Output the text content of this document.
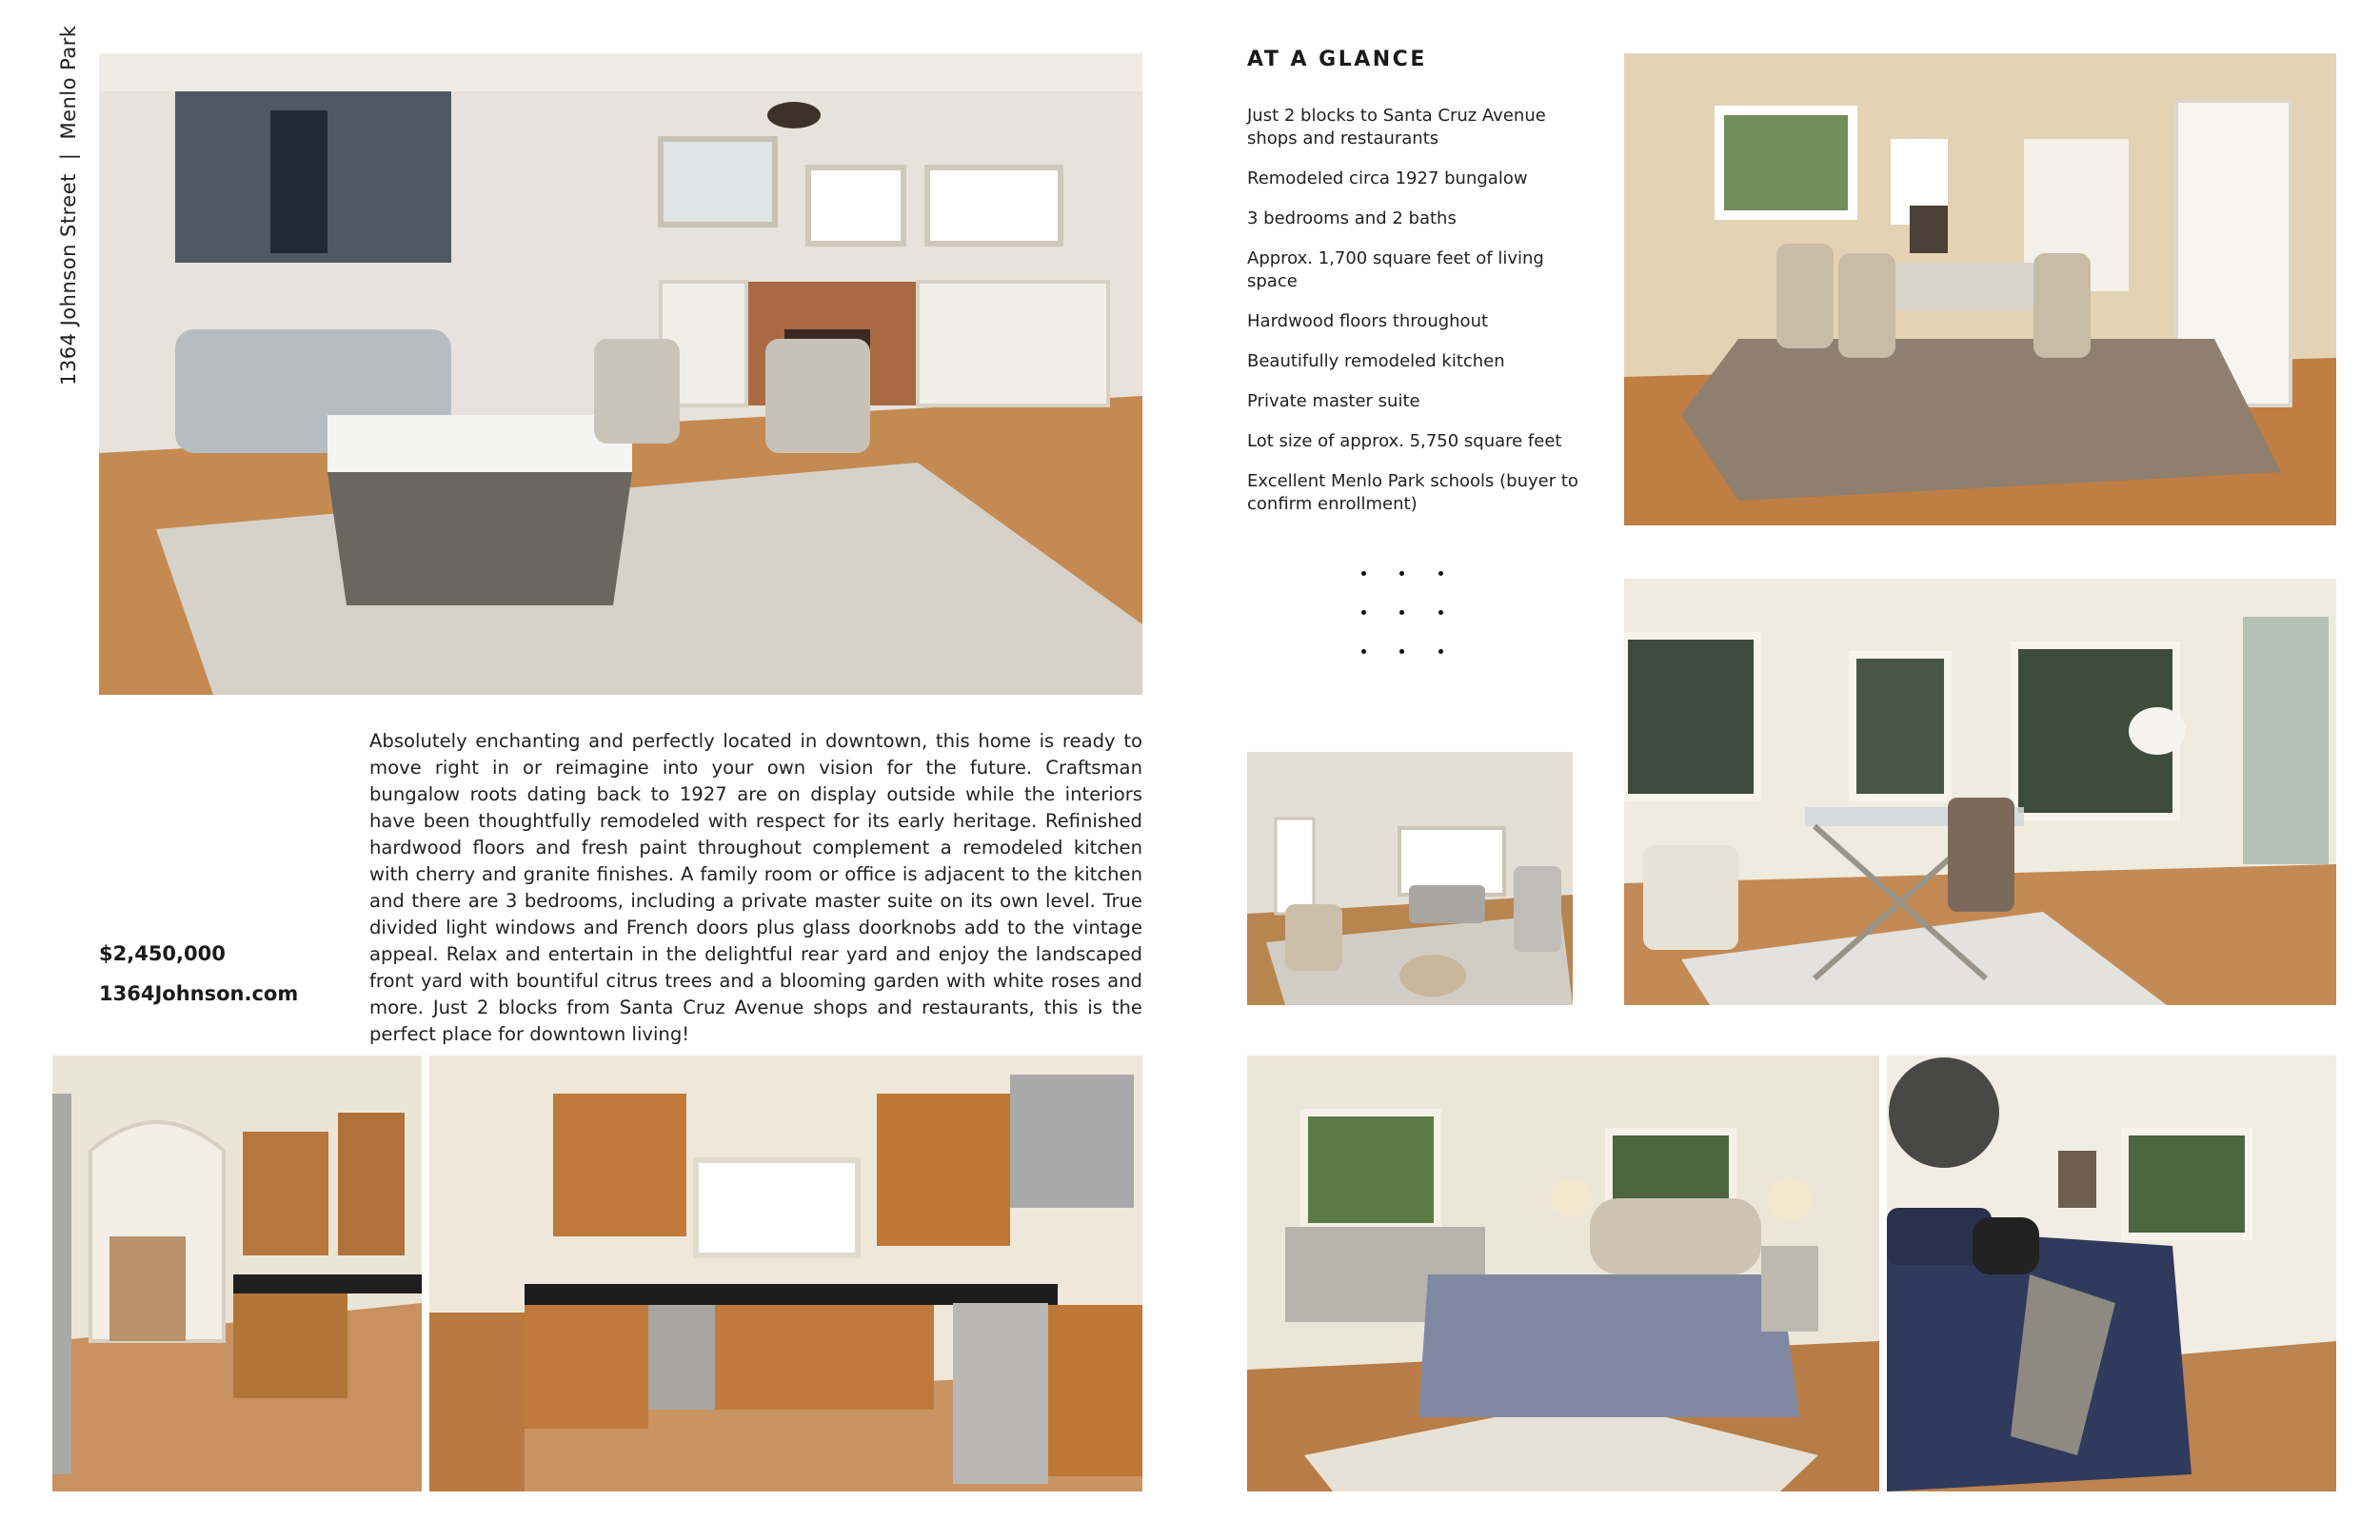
1364 Johnson Street
|
Menlo Park	AT A GLANCE
Just 2 blocks to Santa Cruz Avenue shops and restaurants
Remodeled circa 1927 bungalow
3 bedrooms and 2 baths
Approx. 1,700 square feet of living space
Hardwood floors throughout
Beautifully remodeled kitchen
Private master suite
Lot size of approx. 5,750 square feet
Excellent Menlo Park schools (buyer to confirm enrollment)
Absolutely enchanting and perfectly located in downtown, this home is ready to move right in or reimagine into your own vision for the future. Craftsman bungalow roots dating back to 1927 are on display outside while the interiors have been thoughtfully remodeled with respect for its early heritage. Refinished hardwood floors and fresh paint throughout complement a remodeled kitchen with cherry and granite finishes. A family room or office is adjacent to the kitchen and there are 3 bedrooms, including a private master suite on its own level. True divided light windows and French doors plus glass doorknobs add to the vintage appeal. Relax and entertain in the delightful rear yard and enjoy the landscaped front yard with bountiful citrus trees and a blooming garden with white roses and more. Just 2 blocks from Santa Cruz Avenue shops and restaurants, this is the perfect place for downtown living!
$2,450,000
1364Johnson.com
